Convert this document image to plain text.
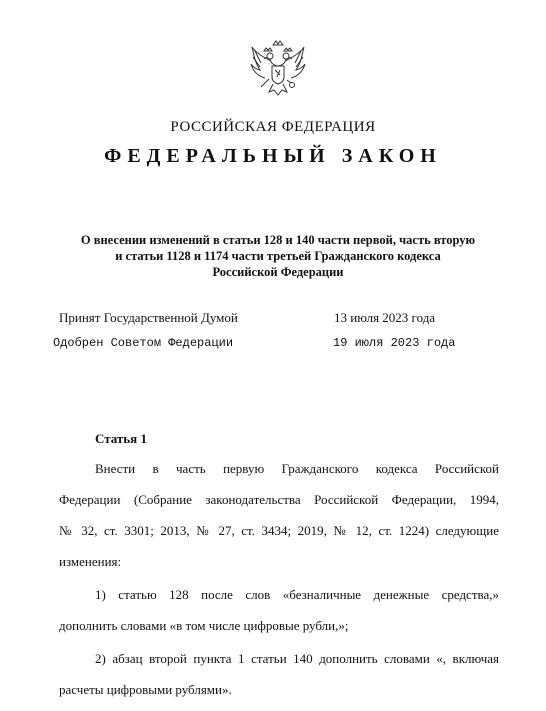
РОССИЙСКАЯ ФЕДЕРАЦИЯ
ФЕДЕРАЛЬНЫЙ ЗАКОН
О внесении изменений в статьи 128 и 140 части первой, часть вторую
и статьи 1128 и 1174 части третьей Гражданского кодекса
Российской Федерации
Принят Государственной Думой	13 июля 2023 года
Одобрен Советом Федерации	19 июля 2023 года
Статья 1
Внести в часть первую Гражданского кодекса Российской
Федерации (Собрание законодательства Российской Федерации, 1994,
№ 32, ст. 3301; 2013, № 27, ст. 3434; 2019, № 12, ст. 1224) следующие
изменения:
1) статью 128 после слов «безналичные денежные средства,»
дополнить словами «в том числе цифровые рубли,»;
2) абзац второй пункта 1 статьи 140 дополнить словами «, включая
расчеты цифровыми рублями».
